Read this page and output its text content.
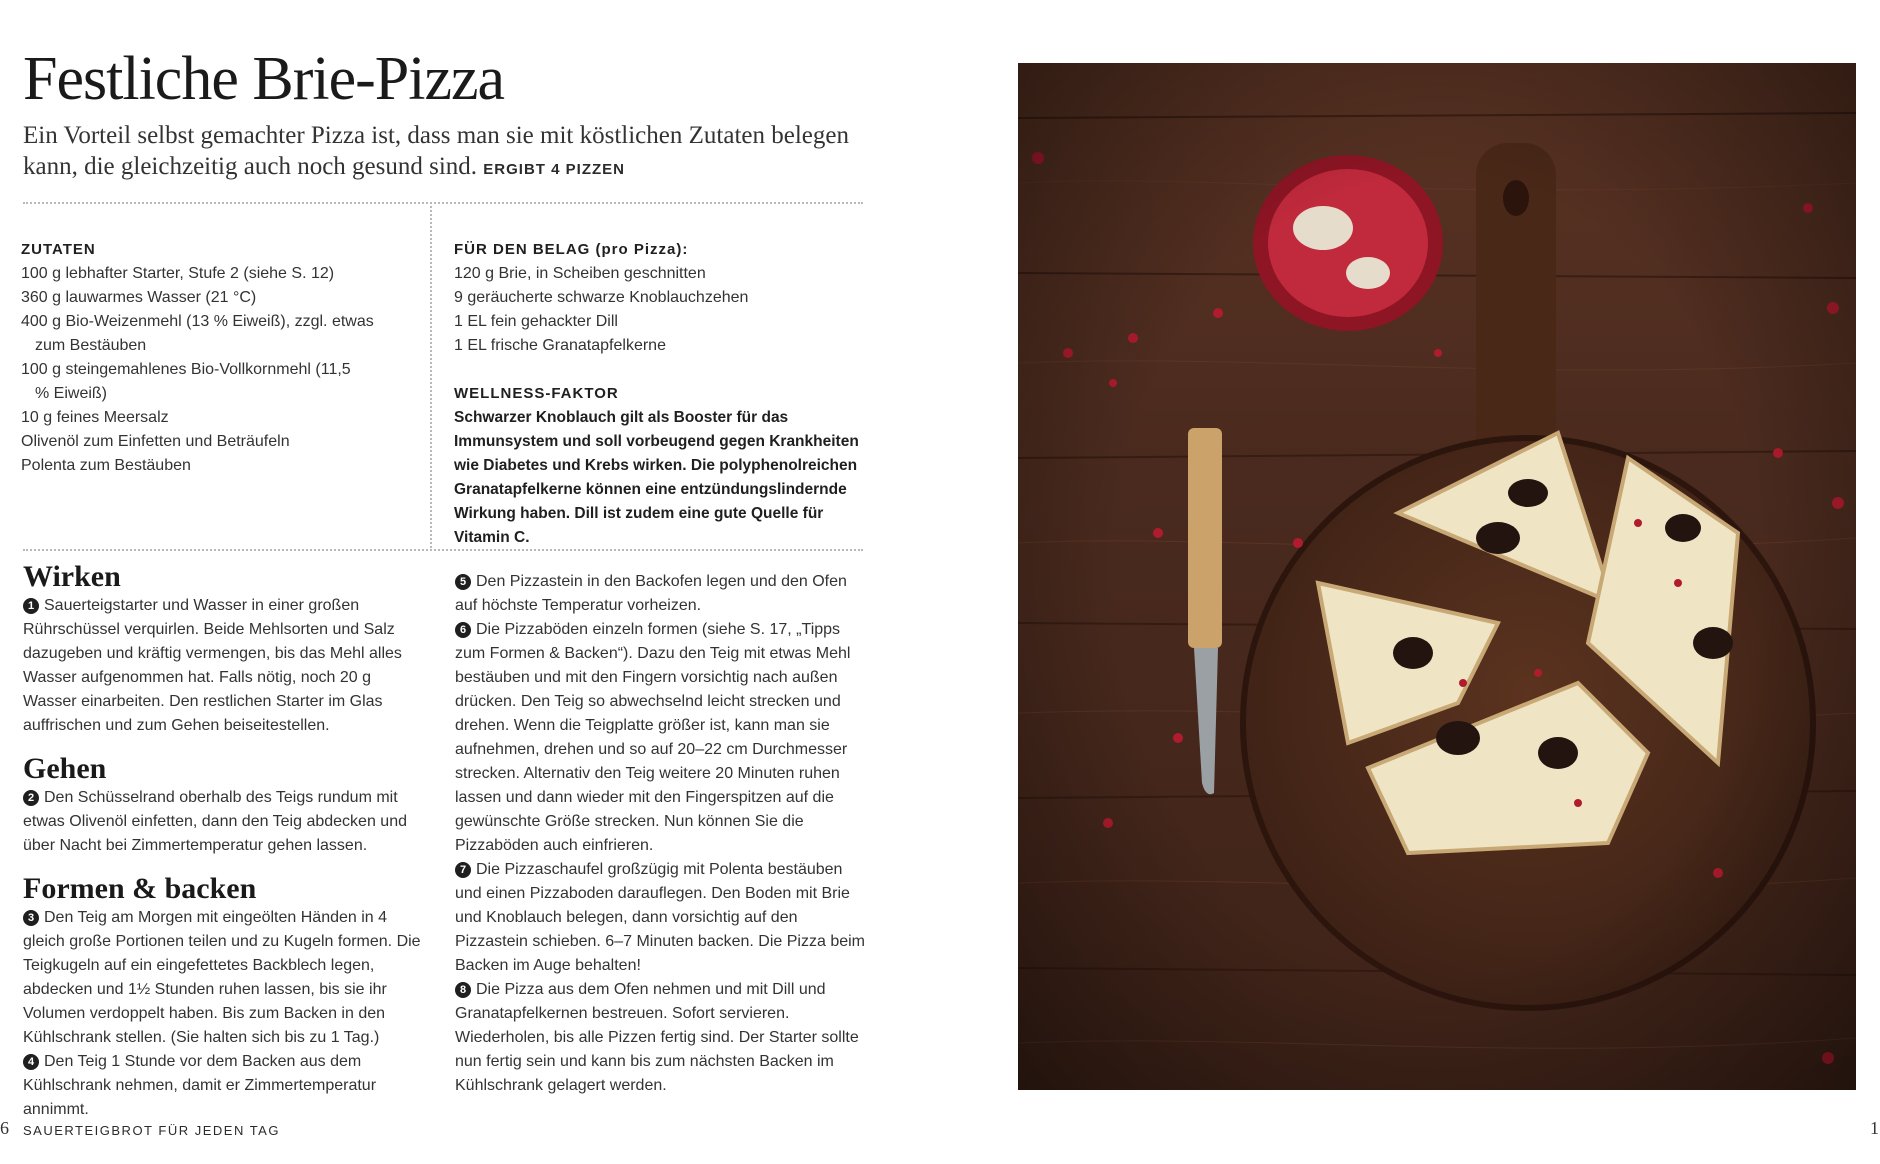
Festliche Brie-Pizza

Ein Vorteil selbst gemachter Pizza ist, dass man sie mit köstlichen Zutaten belegen kann, die gleichzeitig auch noch gesund sind. ERGIBT 4 PIZZEN

ZUTATEN
100 g lebhafter Starter, Stufe 2 (siehe S. 12)
360 g lauwarmes Wasser (21 °C)
400 g Bio-Weizenmehl (13 % Eiweiß), zzgl. etwas zum Bestäuben
100 g steingemahlenes Bio-Vollkornmehl (11,5 % Eiweiß)
10 g feines Meersalz
Olivenöl zum Einfetten und Beträufeln
Polenta zum Bestäuben
FÜR DEN BELAG (pro Pizza):
120 g Brie, in Scheiben geschnitten
9 geräucherte schwarze Knoblauchzehen
1 EL fein gehackter Dill
1 EL frische Granatapfelkerne
WELLNESS-FAKTOR
Schwarzer Knoblauch gilt als Booster für das Immunsystem und soll vorbeugend gegen Krankheiten wie Diabetes und Krebs wirken. Die polyphenolreichen Granatapfelkerne können eine entzündungslindernde Wirkung haben. Dill ist zudem eine gute Quelle für Vitamin C.
Wirken

1 Sauerteigstarter und Wasser in einer großen Rührschüssel verquirlen. Beide Mehlsorten und Salz dazugeben und kräftig vermengen, bis das Mehl alles Wasser aufgenommen hat. Falls nötig, noch 20 g Wasser einarbeiten. Den restlichen Starter im Glas auffrischen und zum Gehen beiseitestellen.

Gehen

2 Den Schüsselrand oberhalb des Teigs rundum mit etwas Olivenöl einfetten, dann den Teig abdecken und über Nacht bei Zimmertemperatur gehen lassen.

Formen & backen

3 Den Teig am Morgen mit eingeölten Händen in 4 gleich große Portionen teilen und zu Kugeln formen. Die Teigkugeln auf ein eingefettetes Backblech legen, abdecken und 1½ Stunden ruhen lassen, bis sie ihr Volumen verdoppelt haben. Bis zum Backen in den Kühlschrank stellen. (Sie halten sich bis zu 1 Tag.)

4 Den Teig 1 Stunde vor dem Backen aus dem Kühlschrank nehmen, damit er Zimmertemperatur annimmt.

5 Den Pizzastein in den Backofen legen und den Ofen auf höchste Temperatur vorheizen.

6 Die Pizzaböden einzeln formen (siehe S. 17, „Tipps zum Formen & Backen“). Dazu den Teig mit etwas Mehl bestäuben und mit den Fingern vorsichtig nach außen drücken. Den Teig so abwechselnd leicht strecken und drehen. Wenn die Teigplatte größer ist, kann man sie aufnehmen, drehen und so auf 20–22 cm Durchmesser strecken. Alternativ den Teig weitere 20 Minuten ruhen lassen und dann wieder mit den Fingerspitzen auf die gewünschte Größe strecken. Nun können Sie die Pizzaböden auch einfrieren.

7 Die Pizzaschaufel großzügig mit Polenta bestäuben und einen Pizzaboden darauflegen. Den Boden mit Brie und Knoblauch belegen, dann vorsichtig auf den Pizzastein schieben. 6–7 Minuten backen. Die Pizza beim Backen im Auge behalten!

8 Die Pizza aus dem Ofen nehmen und mit Dill und Granatapfelkernen bestreuen. Sofort servieren. Wiederholen, bis alle Pizzen fertig sind. Der Starter sollte nun fertig sein und kann bis zum nächsten Backen im Kühlschrank gelagert werden.

6 SAUERTEIGBROT FÜR JEDEN TAG	1
